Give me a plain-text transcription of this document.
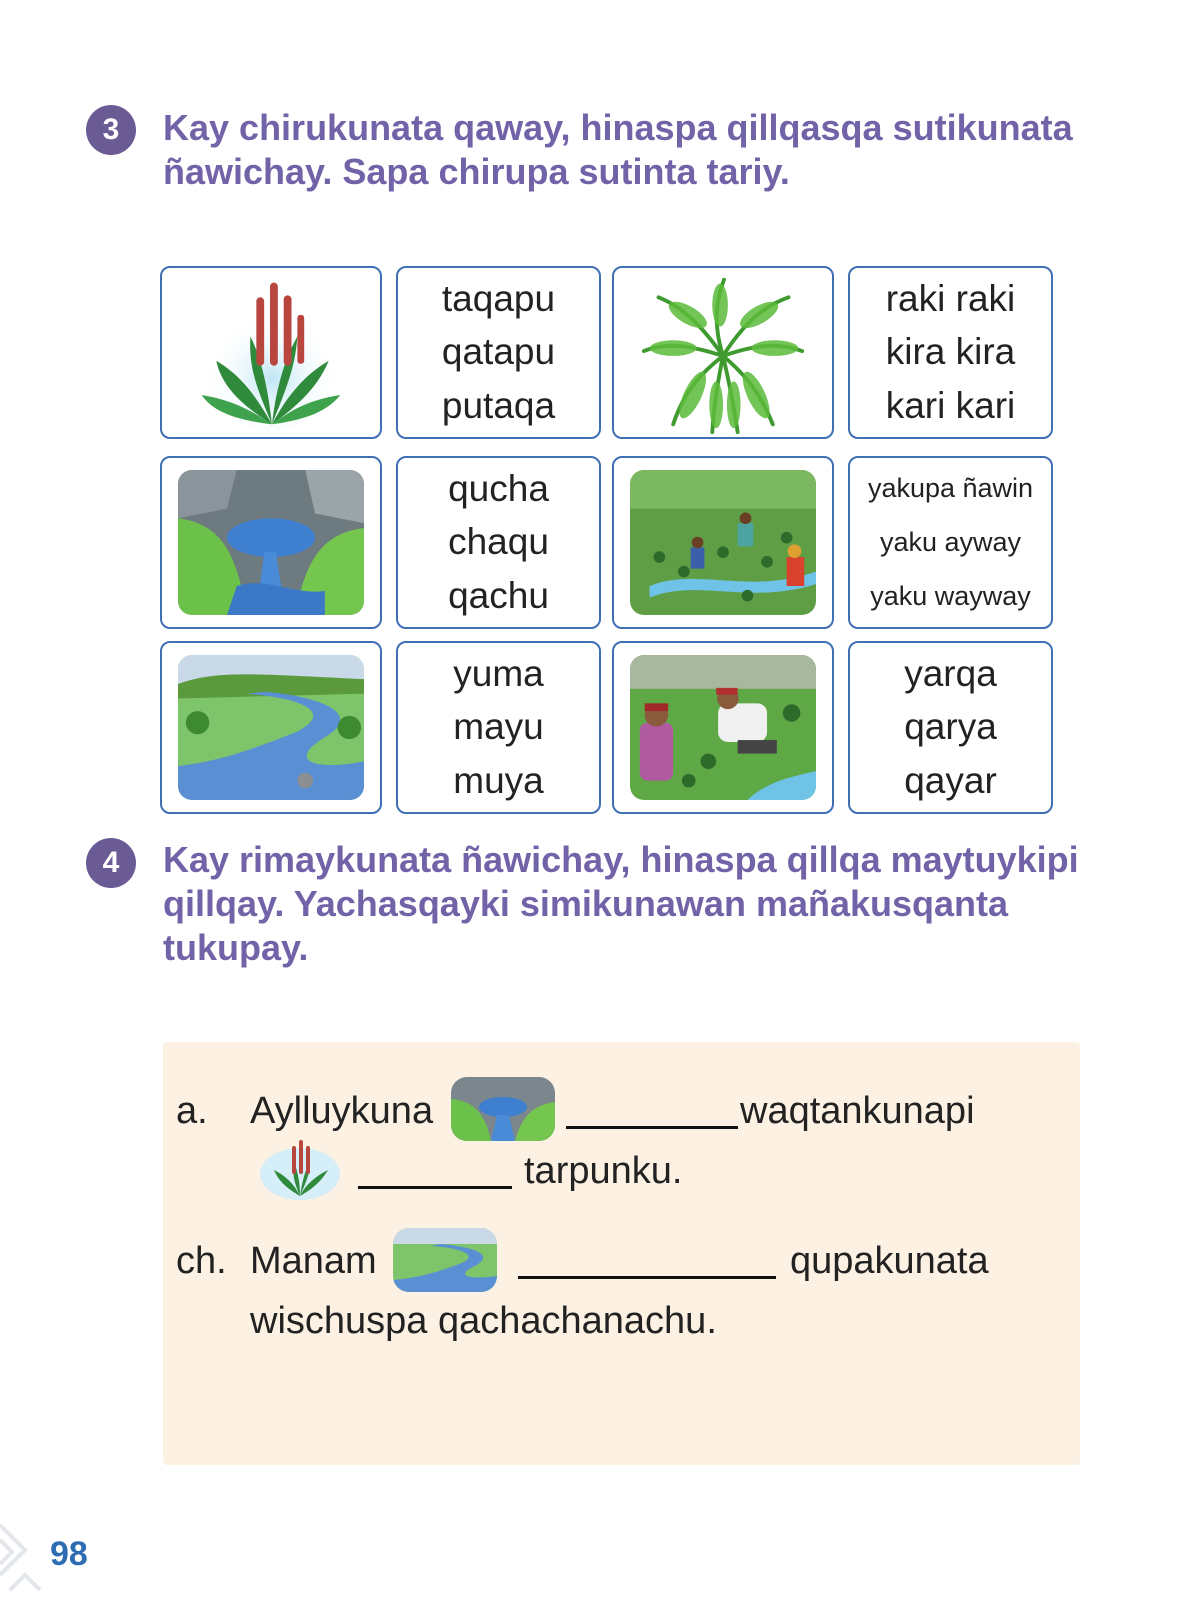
3 Kay chirukunata qaway, hinaspa qillqasqa sutikunata ñawichay. Sapa chirupa sutinta tariy.

taqapu
qatapu
putaqa
raki raki
kira kira
kari kari
qucha
chaqu
qachu
yakupa ñawin
yaku ayway
yaku wayway
yuma
mayu
muya
yarqa
qarya
qayar
4 Kay rimaykunata ñawichay, hinaspa qillqa maytuykipi qillqay. Yachasqayki simikunawan mañakusqanta tukupay.

a. Aylluykuna	waqtankunapi
tarpunku.
ch. Manam	qupakunata
wischuspa qachachanachu.
98
